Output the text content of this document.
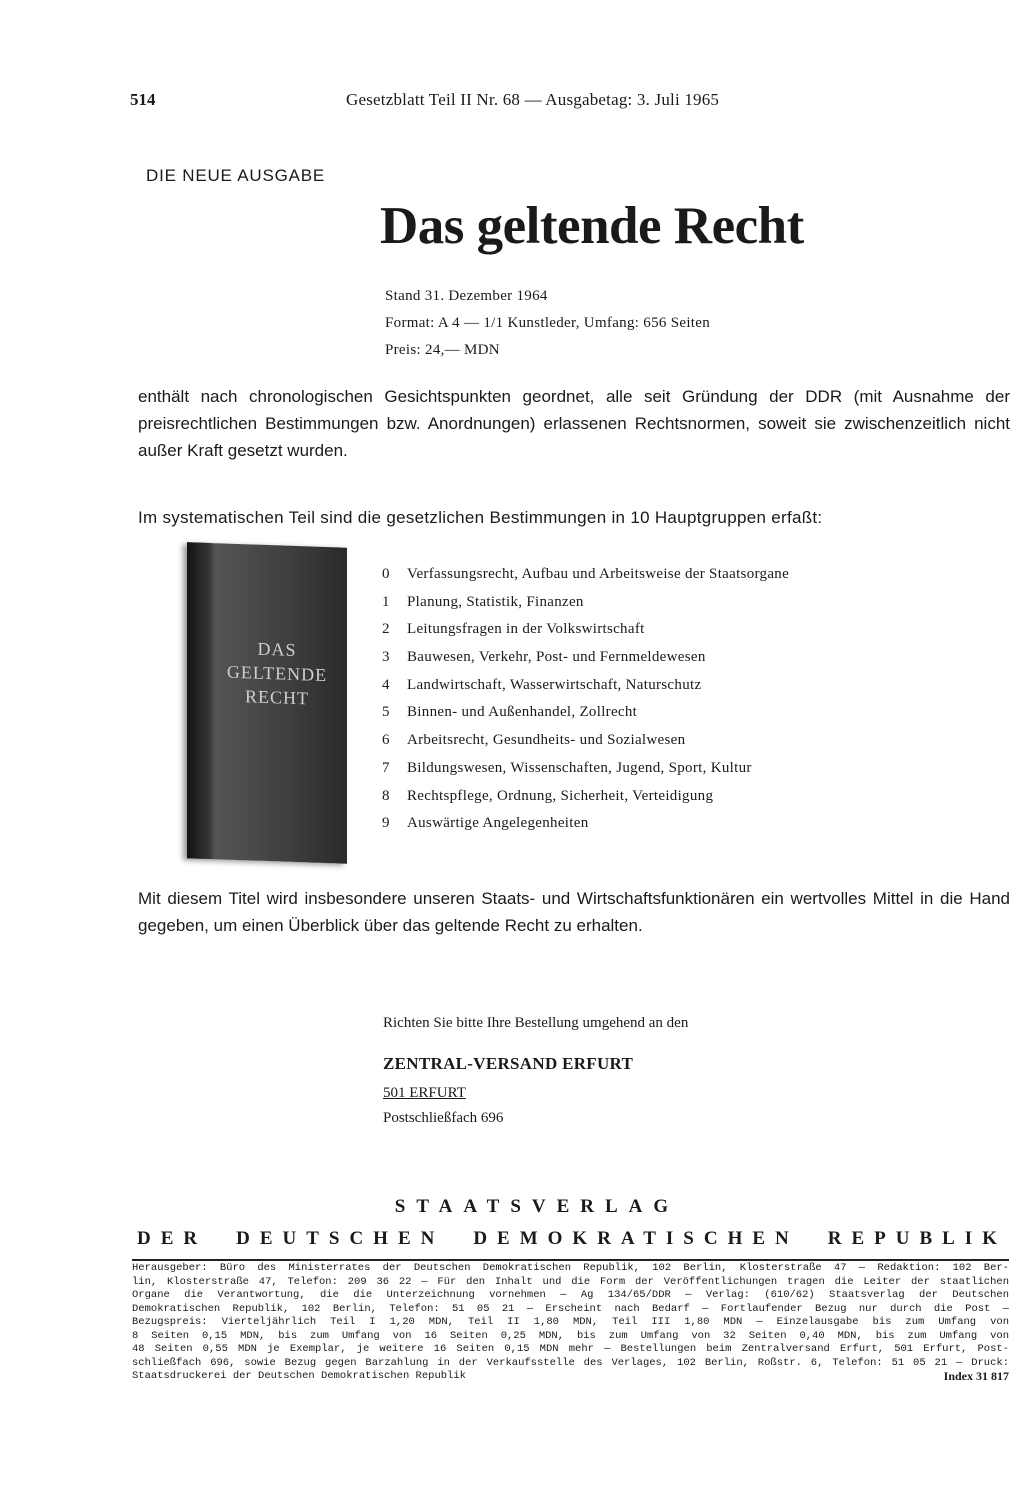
514	Gesetzblatt Teil II Nr. 68 — Ausgabetag: 3. Juli 1965
DIE NEUE AUSGABE
Das geltende Recht
Stand 31. Dezember 1964
Format: A 4 — 1/1 Kunstleder, Umfang: 656 Seiten
Preis: 24,— MDN
enthält nach chronologischen Gesichtspunkten geordnet, alle seit Gründung der DDR (mit Ausnahme der preisrechtlichen Bestimmungen bzw. Anordnungen) erlassenen Rechtsnormen, soweit sie zwischenzeitlich nicht außer Kraft gesetzt wurden.
Im systematischen Teil sind die gesetzlichen Bestimmungen in 10 Hauptgruppen erfaßt:
DAS
GELTENDE
RECHT
0	Verfassungsrecht, Aufbau und Arbeitsweise der Staatsorgane
1	Planung, Statistik, Finanzen
2	Leitungsfragen in der Volkswirtschaft
3	Bauwesen, Verkehr, Post- und Fernmeldewesen
4	Landwirtschaft, Wasserwirtschaft, Naturschutz
5	Binnen- und Außenhandel, Zollrecht
6	Arbeitsrecht, Gesundheits- und Sozialwesen
7	Bildungswesen, Wissenschaften, Jugend, Sport, Kultur
8	Rechtspflege, Ordnung, Sicherheit, Verteidigung
9	Auswärtige Angelegenheiten
Mit diesem Titel wird insbesondere unseren Staats- und Wirtschaftsfunktionären ein wertvolles Mittel in die Hand gegeben, um einen Überblick über das geltende Recht zu erhalten.
Richten Sie bitte Ihre Bestellung umgehend an den
ZENTRAL-VERSAND ERFURT
501 ERFURT
Postschließfach 696
STAATSVERLAG
DER DEUTSCHEN DEMOKRATISCHEN REPUBLIK
Herausgeber: Büro des Ministerrates der Deutschen Demokratischen Republik, 102 Berlin, Klosterstraße 47 — Redaktion: 102 Ber-
lin, Klosterstraße 47, Telefon: 209 36 22 — Für den Inhalt und die Form der Veröffentlichungen tragen die Leiter der staatlichen
Organe die Verantwortung, die die Unterzeichnung vornehmen — Ag 134/65/DDR — Verlag: (610/62) Staatsverlag der Deutschen
Demokratischen Republik, 102 Berlin, Telefon: 51 05 21 — Erscheint nach Bedarf — Fortlaufender Bezug nur durch die Post —
Bezugspreis: Vierteljährlich Teil I 1,20 MDN, Teil II 1,80 MDN, Teil III 1,80 MDN — Einzelausgabe bis zum Umfang von
8 Seiten 0,15 MDN, bis zum Umfang von 16 Seiten 0,25 MDN, bis zum Umfang von 32 Seiten 0,40 MDN, bis zum Umfang von
48 Seiten 0,55 MDN je Exemplar, je weitere 16 Seiten 0,15 MDN mehr — Bestellungen beim Zentralversand Erfurt, 501 Erfurt, Post-
schließfach 696, sowie Bezug gegen Barzahlung in der Verkaufsstelle des Verlages, 102 Berlin, Roßstr. 6, Telefon: 51 05 21 — Druck:
Staatsdruckerei der Deutschen Demokratischen Republik	Index 31 817
